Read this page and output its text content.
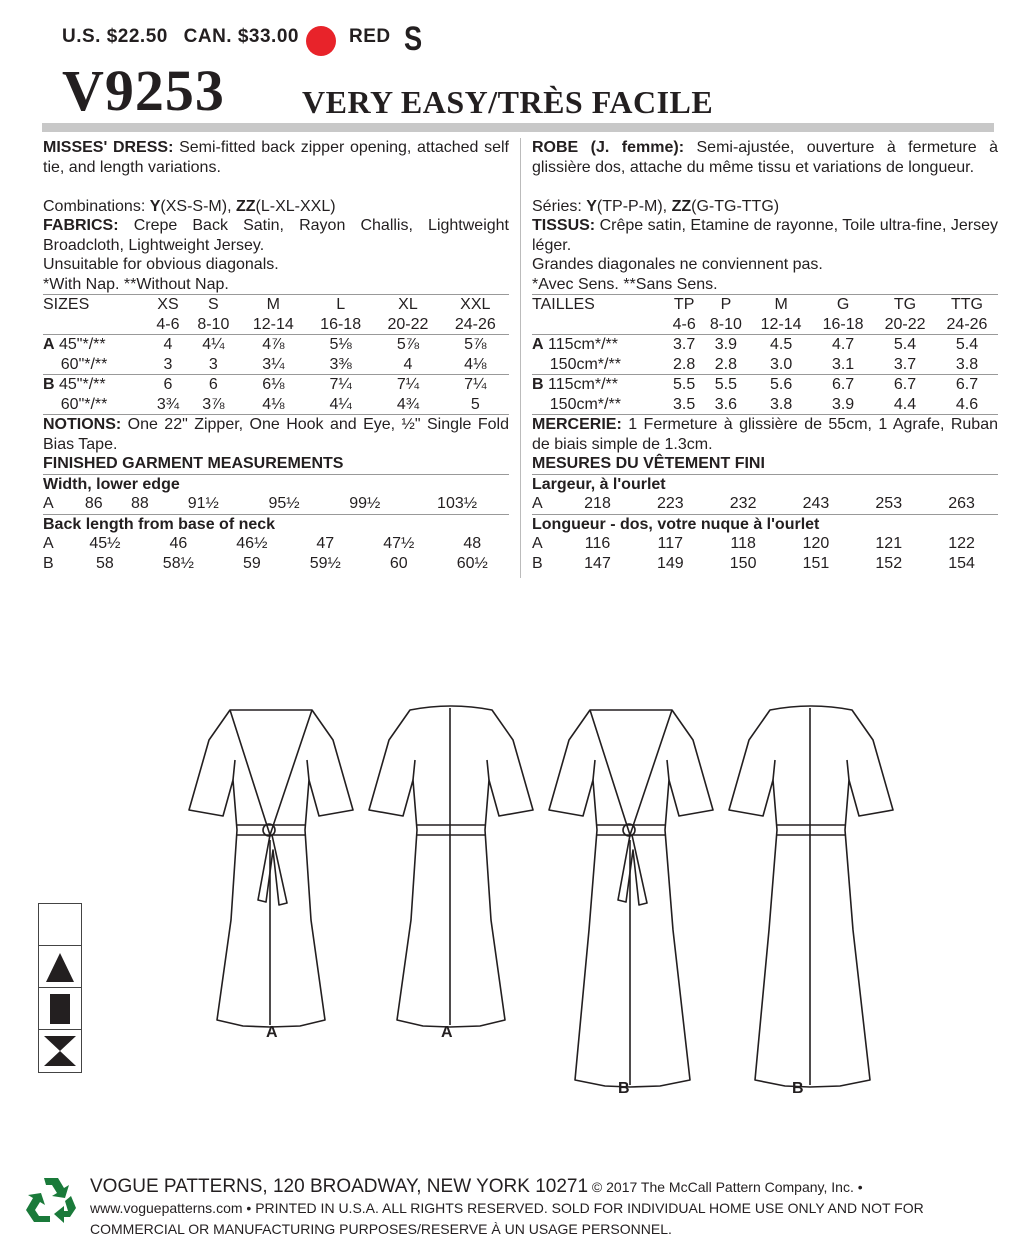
U.S. $22.50 CAN. $33.00	RED S
V9253 VERY EASY/TRÈS FACILE
MISSES' DRESS: Semi-fitted back zipper opening, attached self tie, and length variations.
Combinations: Y(XS-S-M), ZZ(L-XL-XXL)
FABRICS: Crepe Back Satin, Rayon Challis, Lightweight Broadcloth, Lightweight Jersey.
Unsuitable for obvious diagonals.
*With Nap. **Without Nap.
SIZES	XS	S	M	L	XL	XXL
	4-6	8-10	12-14	16-18	20-22	24-26
A 45"*/**	4	4¼	4⅞	5⅛	5⅞	5⅞
60"*/**	3	3	3¼	3⅜	4	4⅛
B 45"*/**	6	6	6⅛	7¼	7¼	7¼
60"*/**	3¾	3⅞	4⅛	4¼	4¾	5
NOTIONS: One 22" Zipper, One Hook and Eye, ½" Single Fold Bias Tape.
FINISHED GARMENT MEASUREMENTS
Width, lower edge
A	86	88	91½	95½	99½	103½
Back length from base of neck
A	45½	46	46½	47	47½	48
B	58	58½	59	59½	60	60½
ROBE (J. femme): Semi-ajustée, ouverture à fermeture à glissière dos, attache du même tissu et variations de longueur.
Séries: Y(TP-P-M), ZZ(G-TG-TTG)
TISSUS: Crêpe satin, Etamine de rayonne, Toile ultra-fine, Jersey léger.
Grandes diagonales ne conviennent pas.
*Avec Sens. **Sans Sens.
TAILLES	TP	P	M	G	TG	TTG
	4-6	8-10	12-14	16-18	20-22	24-26
A 115cm*/**	3.7	3.9	4.5	4.7	5.4	5.4
150cm*/**	2.8	2.8	3.0	3.1	3.7	3.8
B 115cm*/**	5.5	5.5	5.6	6.7	6.7	6.7
150cm*/**	3.5	3.6	3.8	3.9	4.4	4.6
MERCERIE: 1 Fermeture à glissière de 55cm, 1 Agrafe, Ruban de biais simple de 1.3cm.
MESURES DU VÊTEMENT FINI
Largeur, à l'ourlet
A	218	223	232	243	253	263
Longueur - dos, votre nuque à l'ourlet
A	116	117	118	120	121	122
B	147	149	150	151	152	154
A	A
B	B
VOGUE PATTERNS, 120 BROADWAY, NEW YORK 10271 © 2017 The McCall Pattern Company, Inc. •
www.voguepatterns.com • PRINTED IN U.S.A. ALL RIGHTS RESERVED. SOLD FOR INDIVIDUAL HOME USE ONLY AND NOT FOR
COMMERCIAL OR MANUFACTURING PURPOSES/RESERVE À UN USAGE PERSONNEL.
